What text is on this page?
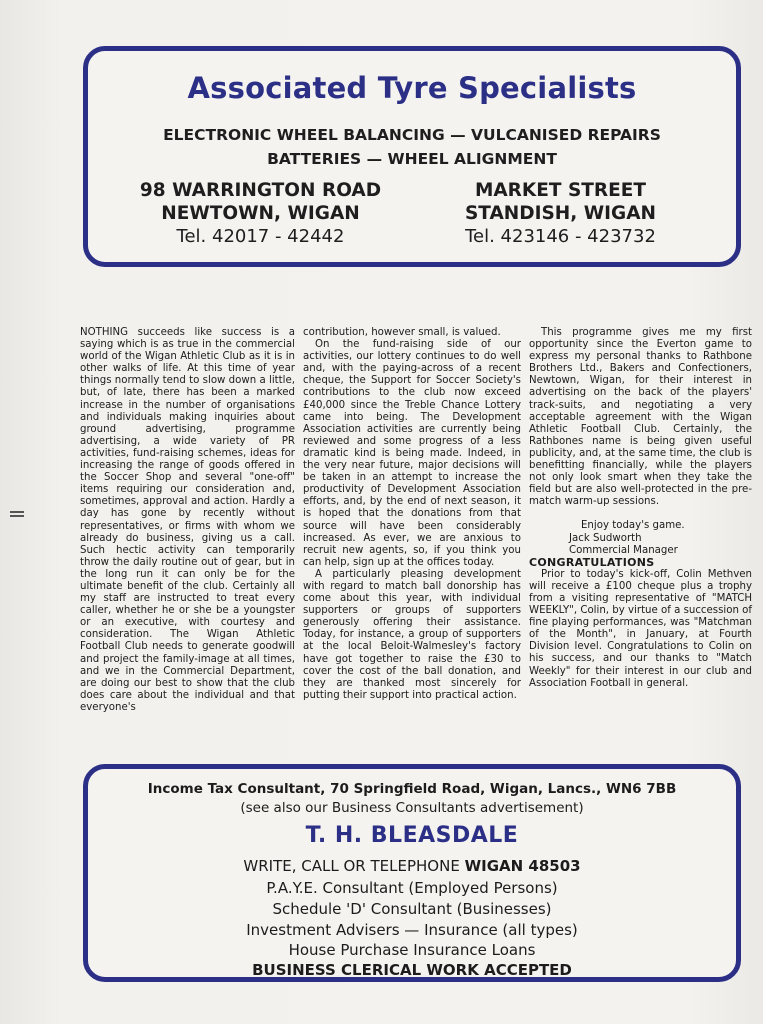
Associated Tyre Specialists
ELECTRONIC WHEEL BALANCING — VULCANISED REPAIRS
BATTERIES — WHEEL ALIGNMENT
98 WARRINGTON ROAD
NEWTOWN, WIGAN
Tel. 42017 - 42442
MARKET STREET
STANDISH, WIGAN
Tel. 423146 - 423732

NOTHING succeeds like success is a saying which is as true in the commercial world of the Wigan Athletic Club as it is in other walks of life. At this time of year things normally tend to slow down a little, but, of late, there has been a marked increase in the number of organisations and individuals making inquiries about ground advertising, programme advertising, a wide variety of PR activities, fund-raising schemes, ideas for increasing the range of goods offered in the Soccer Shop and several "one-off" items requiring our consideration and, sometimes, approval and action. Hardly a day has gone by recently without representatives, or firms with whom we already do business, giving us a call. Such hectic activity can temporarily throw the daily routine out of gear, but in the long run it can only be for the ultimate benefit of the club. Certainly all my staff are instructed to treat every caller, whether he or she be a youngster or an executive, with courtesy and consideration. The Wigan Athletic Football Club needs to generate goodwill and project the family-image at all times, and we in the Commercial Department, are doing our best to show that the club does care about the individual and that everyone's

contribution, however small, is valued.

On the fund-raising side of our activities, our lottery continues to do well and, with the paying-across of a recent cheque, the Support for Soccer Society's contributions to the club now exceed £40,000 since the Treble Chance Lottery came into being. The Development Association activities are currently being reviewed and some progress of a less dramatic kind is being made. Indeed, in the very near future, major decisions will be taken in an attempt to increase the productivity of Development Association efforts, and, by the end of next season, it is hoped that the donations from that source will have been considerably increased. As ever, we are anxious to recruit new agents, so, if you think you can help, sign up at the offices today.

A particularly pleasing development with regard to match ball donorship has come about this year, with individual supporters or groups of supporters generously offering their assistance. Today, for instance, a group of supporters at the local Beloit-Walmesley's factory have got together to raise the £30 to cover the cost of the ball donation, and they are thanked most sincerely for putting their support into practical action.

This programme gives me my first opportunity since the Everton game to express my personal thanks to Rathbone Brothers Ltd., Bakers and Confectioners, Newtown, Wigan, for their interest in advertising on the back of the players' track-suits, and negotiating a very acceptable agreement with the Wigan Athletic Football Club. Certainly, the Rathbones name is being given useful publicity, and, at the same time, the club is benefitting financially, while the players not only look smart when they take the field but are also well-protected in the pre-match warm-up sessions.

Enjoy today's game.

Jack Sudworth

Commercial Manager

CONGRATULATIONS

Prior to today's kick-off, Colin Methven will receive a £100 cheque plus a trophy from a visiting representative of "MATCH WEEKLY", Colin, by virtue of a succession of fine playing performances, was "Matchman of the Month", in January, at Fourth Division level. Congratulations to Colin on his success, and our thanks to "Match Weekly" for their interest in our club and Association Football in general.

Income Tax Consultant, 70 Springfield Road, Wigan, Lancs., WN6 7BB
(see also our Business Consultants advertisement)
T. H. BLEASDALE
WRITE, CALL OR TELEPHONE WIGAN 48503
P.A.Y.E. Consultant (Employed Persons)
Schedule 'D' Consultant (Businesses)
Investment Advisers — Insurance (all types)
House Purchase Insurance Loans
BUSINESS CLERICAL WORK ACCEPTED
